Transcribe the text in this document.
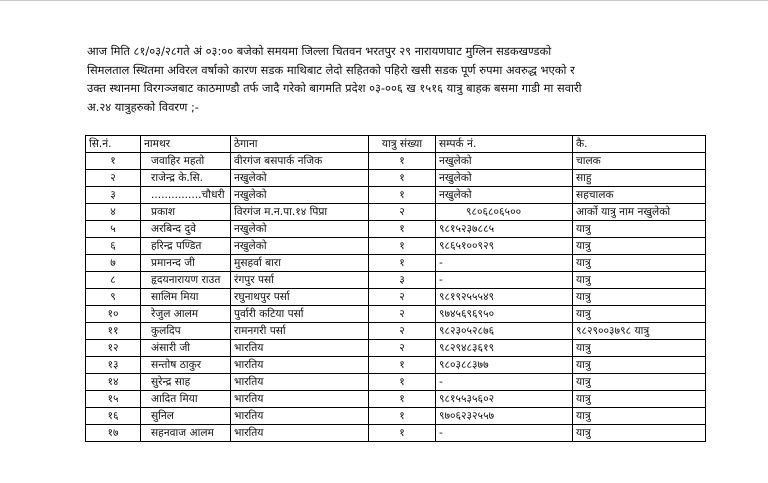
आज मिति ८१/०३/२८गते अं ०३:०० बजेको समयमा जिल्ला चितवन भरतपुर २९ नारायणघाट मुग्लिन सडकखण्डको
सिमलताल स्थितमा अविरल वर्षाको कारण सडक माथिबाट लेदो सहितको पहिरो खसी सडक पूर्ण रुपमा अवरुद्ध भएको र
उक्त स्थानमा विरगञ्जबाट काठमाण्डौ तर्फ जादै गरेको बागमति प्रदेश ०३-००६ ख १५१६ यात्रु बाहक बसमा गाडी मा सवारी
अ.२४ यात्रुहरुको विवरण ;-
सि.नं.	नामथर	ठेगाना	यात्रु संख्या	सम्पर्क नं.	कै.
१	जवाहिर महतो	वीरगंज बसपार्क नजिक	१	नखुलेको	चालक
२	राजेन्द्र के.सि.	नखुलेको	१	नखुलेको	साहु
३	...............चौधरी	नखुलेको	१	नखुलेको	सहचालक
४	प्रकाश	विरगंज म.न.पा.१४ पिप्रा	२	९८०६८०६५००	आर्को यात्रु नाम नखुलेको
५	अरबिन्द दुवे	नखुलेको	१	९८१५२३७८८५	यात्रु
६	हरिन्द्र पण्डित	नखुलेको	१	९८६५१००९२९	यात्रु
७	प्रमानन्द जी	मुसहर्वा बारा	१	-	यात्रु
८	हृदयनारायण राउत	रंगपुर पर्सा	३	-	यात्रु
९	सालिम मिया	रघुनाथपुर पर्सा	२	९८१९२५५५४९	यात्रु
१०	रेजुल आलम	पुर्वारी कटिया पर्सा	२	९७४५६९६९५०	यात्रु
११	कुलदिप	रामनगरी पर्सा	२	९८२३०५२८७६	९८२९००३७९८ यात्रु
१२	अंसारी जी	भारतिय	२	९८२९४८३६१९	यात्रु
१३	सन्तोष ठाकुर	भारतिय	१	९८०३८८३७७	यात्रु
१४	सुरेन्द्र साह	भारतिय	१	-	यात्रु
१५	आदित मिया	भारतिय	१	९८१५५३५६०२	यात्रु
१६	सुनिल	भारतिय	१	९७०६२३२५५७	यात्रु
१७	सहनवाज आलम	भारतिय	१	-	यात्रु
